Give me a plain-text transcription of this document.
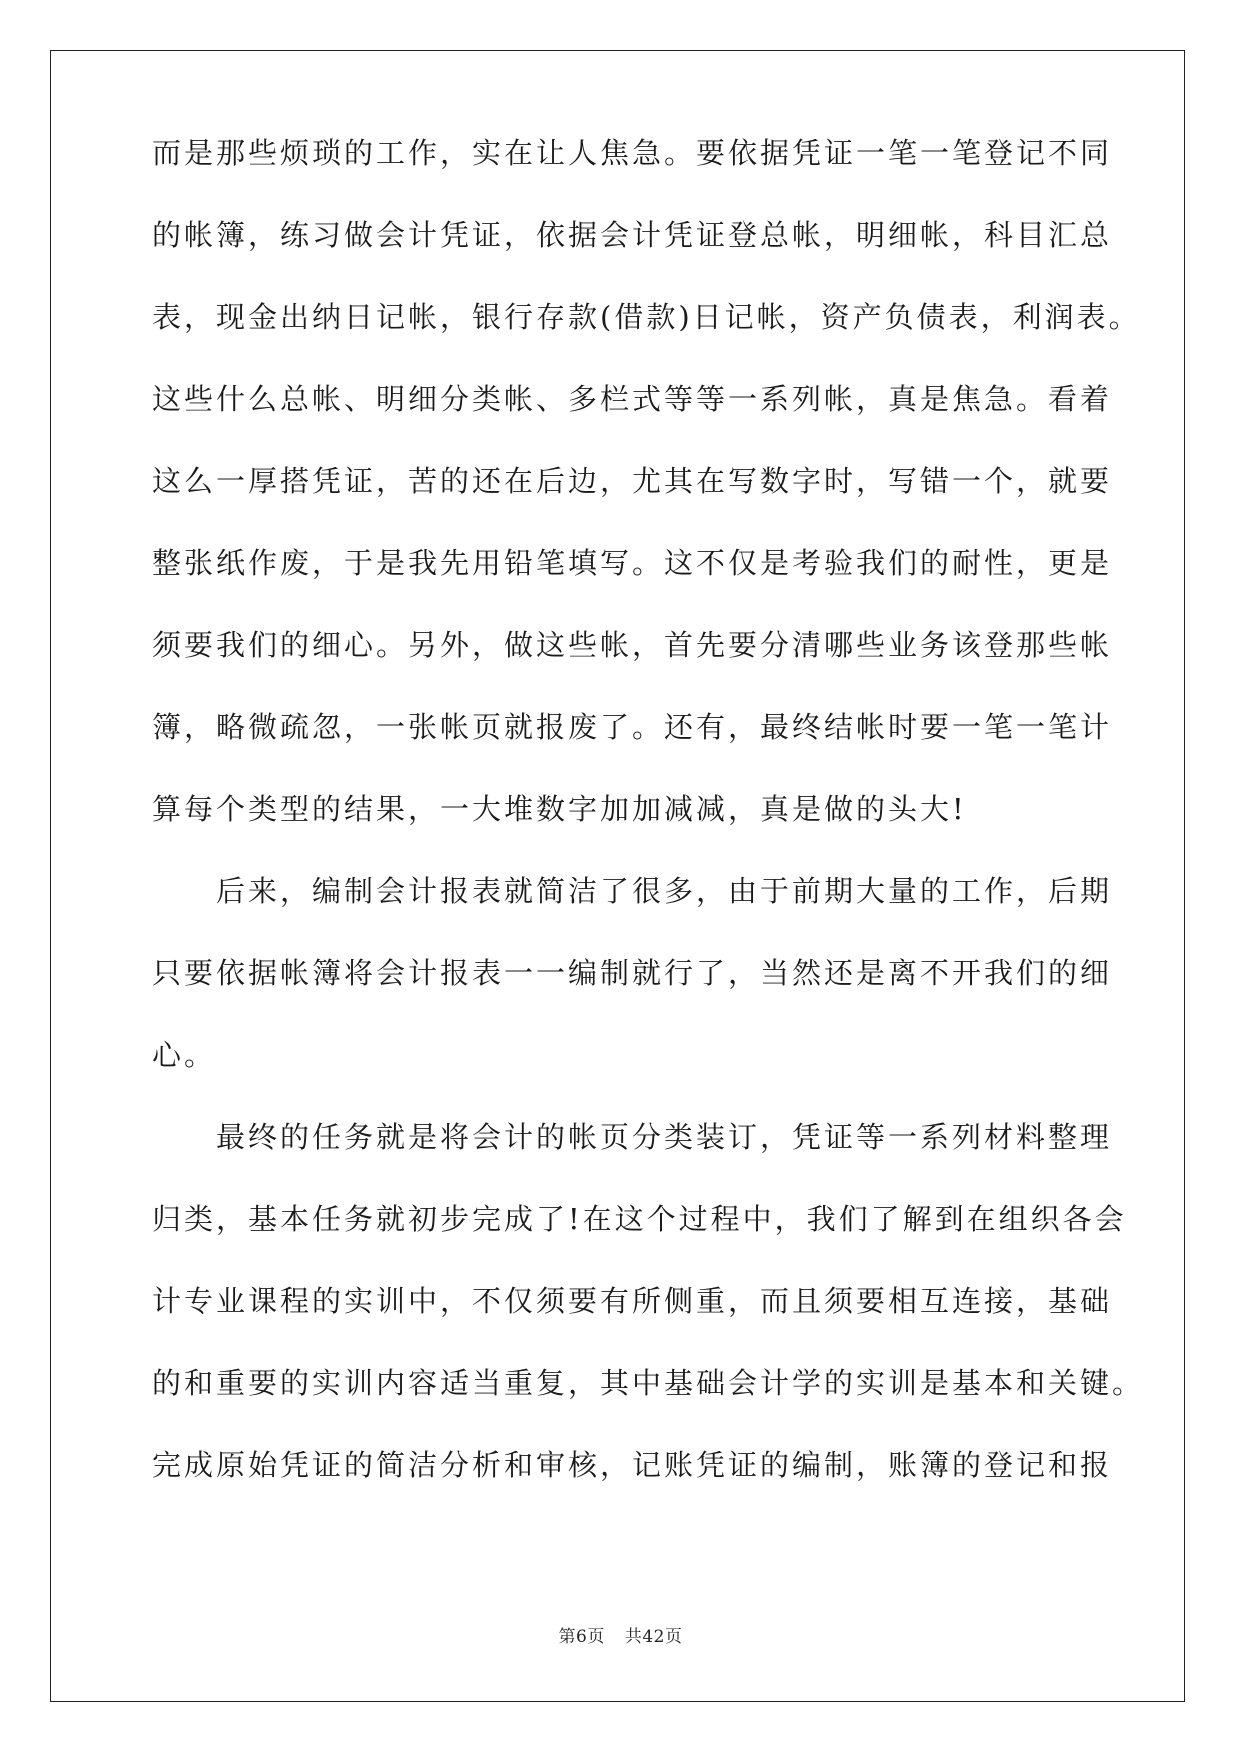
而是那些烦琐的工作，实在让人焦急。要依据凭证一笔一笔登记不同

的帐簿，练习做会计凭证，依据会计凭证登总帐，明细帐，科目汇总

表，现金出纳日记帐，银行存款(借款)日记帐，资产负债表，利润表。

这些什么总帐、明细分类帐、多栏式等等一系列帐，真是焦急。看着

这么一厚搭凭证，苦的还在后边，尤其在写数字时，写错一个，就要

整张纸作废，于是我先用铅笔填写。这不仅是考验我们的耐性，更是

须要我们的细心。另外，做这些帐，首先要分清哪些业务该登那些帐

簿，略微疏忽，一张帐页就报废了。还有，最终结帐时要一笔一笔计

算每个类型的结果，一大堆数字加加减减，真是做的头大!

后来，编制会计报表就简洁了很多，由于前期大量的工作，后期

只要依据帐簿将会计报表一一编制就行了，当然还是离不开我们的细

心。

最终的任务就是将会计的帐页分类装订，凭证等一系列材料整理

归类，基本任务就初步完成了!在这个过程中，我们了解到在组织各会

计专业课程的实训中，不仅须要有所侧重，而且须要相互连接，基础

的和重要的实训内容适当重复，其中基础会计学的实训是基本和关键。

完成原始凭证的简洁分析和审核，记账凭证的编制，账簿的登记和报

第6页 共42页
